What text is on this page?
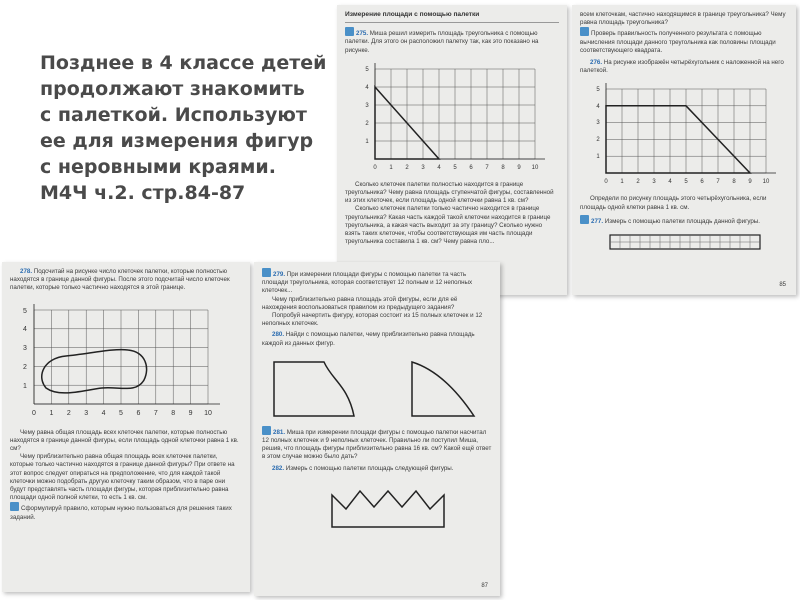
Позднее в 4 классе детей
продолжают знакомить
с палеткой. Используют
ее для измерения фигур
с неровными краями.
М4Ч ч.2. стр.84-87

Измерение площади с помощью палетки

275. Миша решил измерить площадь треугольника с помощью палетки. Для этого он расположил палетку так, как это показано на рисунке.

0 1 2 3 4 5 6 7 8 9 10
1
2
3
4
5

Сколько клеточек палетки полностью находится в границе треугольника? Чему равна площадь ступенчатой фигуры, составленной из этих клеточек, если площадь одной клеточки равна 1 кв. см?

Сколько клеточек палетки только частично находится в границе треугольника? Какая часть каждой такой клеточки находится в границе треугольника, а какая часть выходит за эту границу? Сколько нужно взять таких клеточек, чтобы соответствующая им часть площади треугольника составила 1 кв. см? Чему равна пло...

всем клеточкам, частично находящимся в границе треугольника? Чему равна площадь треугольника?

Проверь правильность полученного результата с помощью вычисления площади данного треугольника как половины площади соответствующего квадрата.

276. На рисунке изображён четырёхугольник с наложенной на него палеткой.

0 1 2 3 4 5 6 7 8 9 10
1
2
3
4
5

Определи по рисунку площадь этого четырёхугольника, если площадь одной клетки равна 1 кв. см.

277. Измерь с помощью палетки площадь данной фигуры.

85

278. Подсчитай на рисунке число клеточек палетки, которые полностью находятся в границе данной фигуры. После этого подсчитай число клеточек палетки, которые только частично находятся в этой границе.

0 1 2 3 4 5 6 7 8 9 10
1
2
3
4
5

Чему равна общая площадь всех клеточек палетки, которые полностью находятся в границе данной фигуры, если площадь одной клеточки равна 1 кв. см?

Чему приблизительно равна общая площадь всех клеточек палетки, которые только частично находятся в границе данной фигуры? При ответе на этот вопрос следует опираться на предположение, что для каждой такой клеточки можно подобрать другую клеточку таким образом, что в паре они будут представлять часть площади фигуры, которая приблизительно равна площади одной полной клетки, то есть 1 кв. см.

Сформулируй правило, которым нужно пользоваться для решения таких заданий.

279. При измерении площади фигуры с помощью палетки та часть площади треугольника, которая соответствует 12 полным и 12 неполных клеточек...

Чему приблизительно равна площадь этой фигуры, если для её нахождения воспользоваться правилом из предыдущего задания?

Попробуй начертить фигуру, которая состоит из 15 полных клеточек и 12 неполных клеточек.

280. Найди с помощью палетки, чему приблизительно равна площадь каждой из данных фигур.

281. Миша при измерении площади фигуры с помощью палетки насчитал 12 полных клеточек и 9 неполных клеточек. Правильно ли поступил Миша, решив, что площадь фигуры приблизительно равна 16 кв. см? Какой ещё ответ в этом случае можно было дать?

282. Измерь с помощью палетки площадь следующей фигуры.

87
